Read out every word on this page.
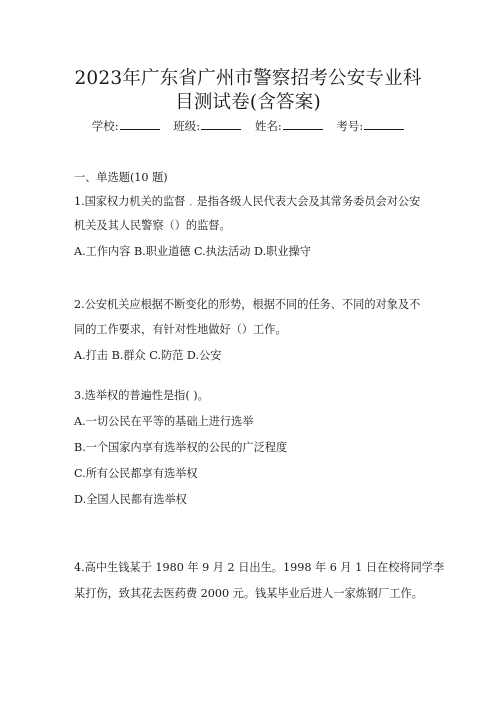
2023年广东省广州市警察招考公安专业科
目测试卷(含答案)
学校:	班级:	姓名:	考号:
一、单选题(10 题)
1.国家权力机关的监督﹒是指各级人民代表大会及其常务委员会对公安
机关及其人民警察（）的监督。
A.工作内容 B.职业道德 C.执法活动 D.职业操守
2.公安机关应根据不断变化的形势，根据不同的任务、不同的对象及不
同的工作要求，有针对性地做好（）工作。
A.打击 B.群众 C.防范 D.公安
3.选举权的普遍性是指( )。
A.一切公民在平等的基础上进行选举
B.一个国家内享有选举权的公民的广泛程度
C.所有公民都享有选举权
D.全国人民都有选举权
4.高中生钱某于 1980 年 9 月 2 日出生。1998 年 6 月 1 日在校将同学李
某打伤，致其花去医药费 2000 元。钱某毕业后进人一家炼钢厂工作。
